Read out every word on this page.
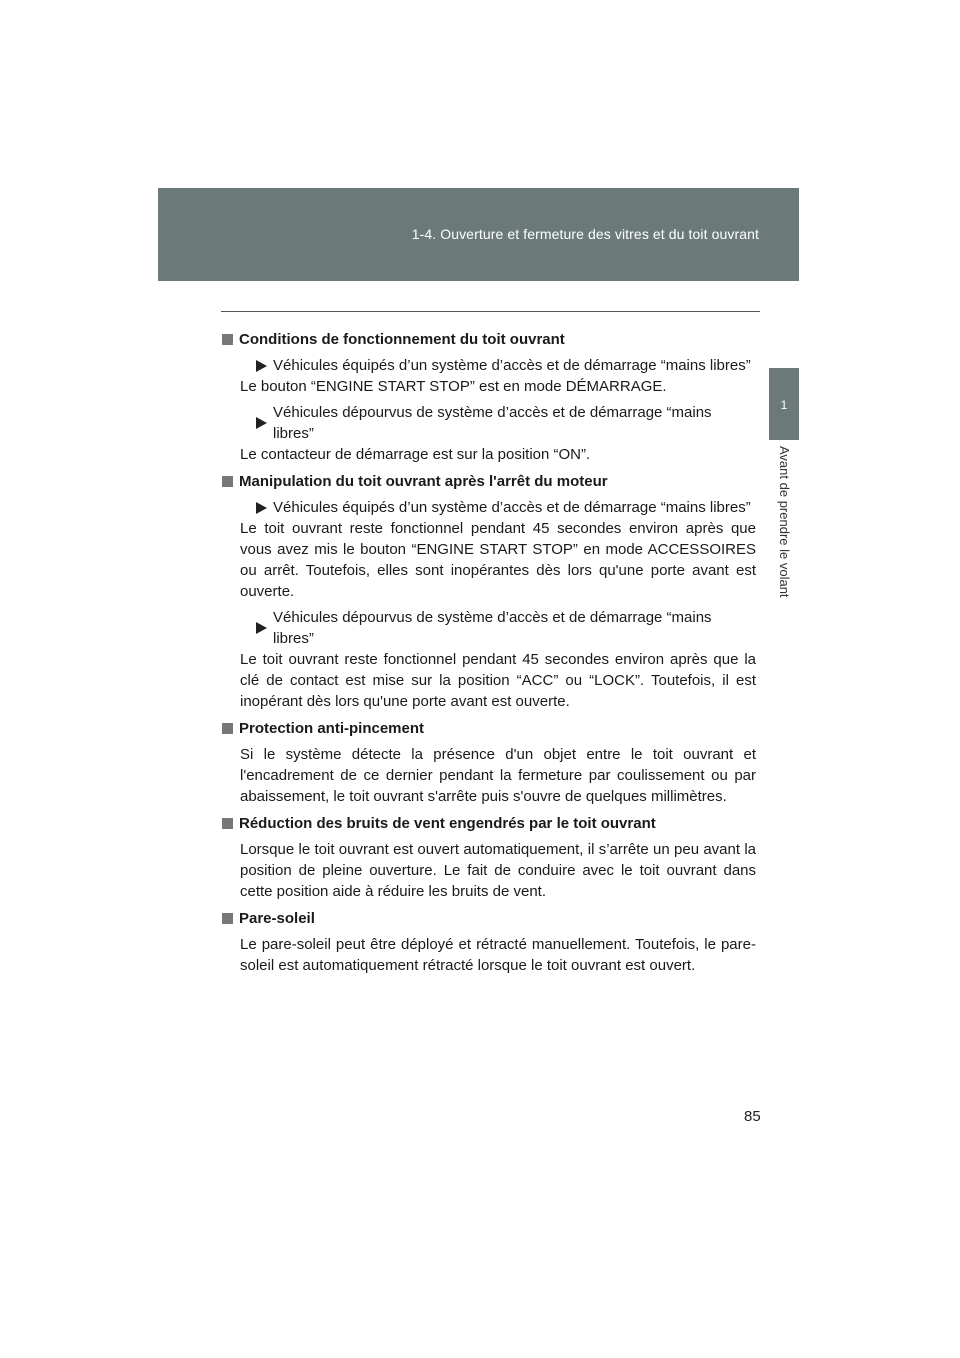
1-4. Ouverture et fermeture des vitres et du toit ouvrant
1
Avant de prendre le volant
Conditions de fonctionnement du toit ouvrant
Véhicules équipés d’un système d’accès et de démarrage “mains libres”
Le bouton “ENGINE START STOP” est en mode DÉMARRAGE.
Véhicules dépourvus de système d’accès et de démarrage “mains libres”
Le contacteur de démarrage est sur la position “ON”.
Manipulation du toit ouvrant après l'arrêt du moteur
Véhicules équipés d’un système d’accès et de démarrage “mains libres”
Le toit ouvrant reste fonctionnel pendant 45 secondes environ après que vous avez mis le bouton “ENGINE START STOP” en mode ACCESSOIRES ou arrêt. Toutefois, elles sont inopérantes dès lors qu'une porte avant est ouverte.
Véhicules dépourvus de système d’accès et de démarrage “mains libres”
Le toit ouvrant reste fonctionnel pendant 45 secondes environ après que la clé de contact est mise sur la position “ACC” ou “LOCK”. Toutefois, il est inopérant dès lors qu'une porte avant est ouverte.
Protection anti-pincement
Si le système détecte la présence d'un objet entre le toit ouvrant et l'encadrement de ce dernier pendant la fermeture par coulissement ou par abaissement, le toit ouvrant s'arrête puis s'ouvre de quelques millimètres.
Réduction des bruits de vent engendrés par le toit ouvrant
Lorsque le toit ouvrant est ouvert automatiquement, il s’arrête un peu avant la position de pleine ouverture. Le fait de conduire avec le toit ouvrant dans cette position aide à réduire les bruits de vent.
Pare-soleil
Le pare-soleil peut être déployé et rétracté manuellement. Toutefois, le pare-soleil est automatiquement rétracté lorsque le toit ouvrant est ouvert.
85
